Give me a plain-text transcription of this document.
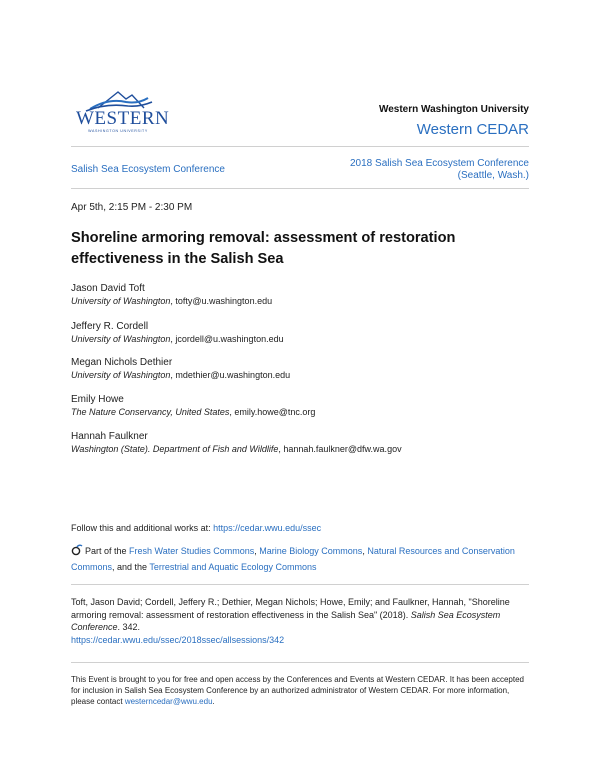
WESTERN
WASHINGTON UNIVERSITY
Western Washington University
Western CEDAR
Salish Sea Ecosystem Conference
2018 Salish Sea Ecosystem Conference
(Seattle, Wash.)
Apr 5th, 2:15 PM - 2:30 PM
Shoreline armoring removal: assessment of restoration
effectiveness in the Salish Sea
Jason David Toft
University of Washington, tofty@u.washington.edu
Jeffery R. Cordell
University of Washington, jcordell@u.washington.edu
Megan Nichols Dethier
University of Washington, mdethier@u.washington.edu
Emily Howe
The Nature Conservancy, United States, emily.howe@tnc.org
Hannah Faulkner
Washington (State). Department of Fish and Wildlife, hannah.faulkner@dfw.wa.gov
Follow this and additional works at: https://cedar.wwu.edu/ssec
Part of the Fresh Water Studies Commons, Marine Biology Commons, Natural Resources and Conservation Commons, and the Terrestrial and Aquatic Ecology Commons
Toft, Jason David; Cordell, Jeffery R.; Dethier, Megan Nichols; Howe, Emily; and Faulkner, Hannah, "Shoreline armoring removal: assessment of restoration effectiveness in the Salish Sea" (2018). Salish Sea Ecosystem Conference. 342.
https://cedar.wwu.edu/ssec/2018ssec/allsessions/342
This Event is brought to you for free and open access by the Conferences and Events at Western CEDAR. It has been accepted for inclusion in Salish Sea Ecosystem Conference by an authorized administrator of Western CEDAR. For more information, please contact westerncedar@wwu.edu.
